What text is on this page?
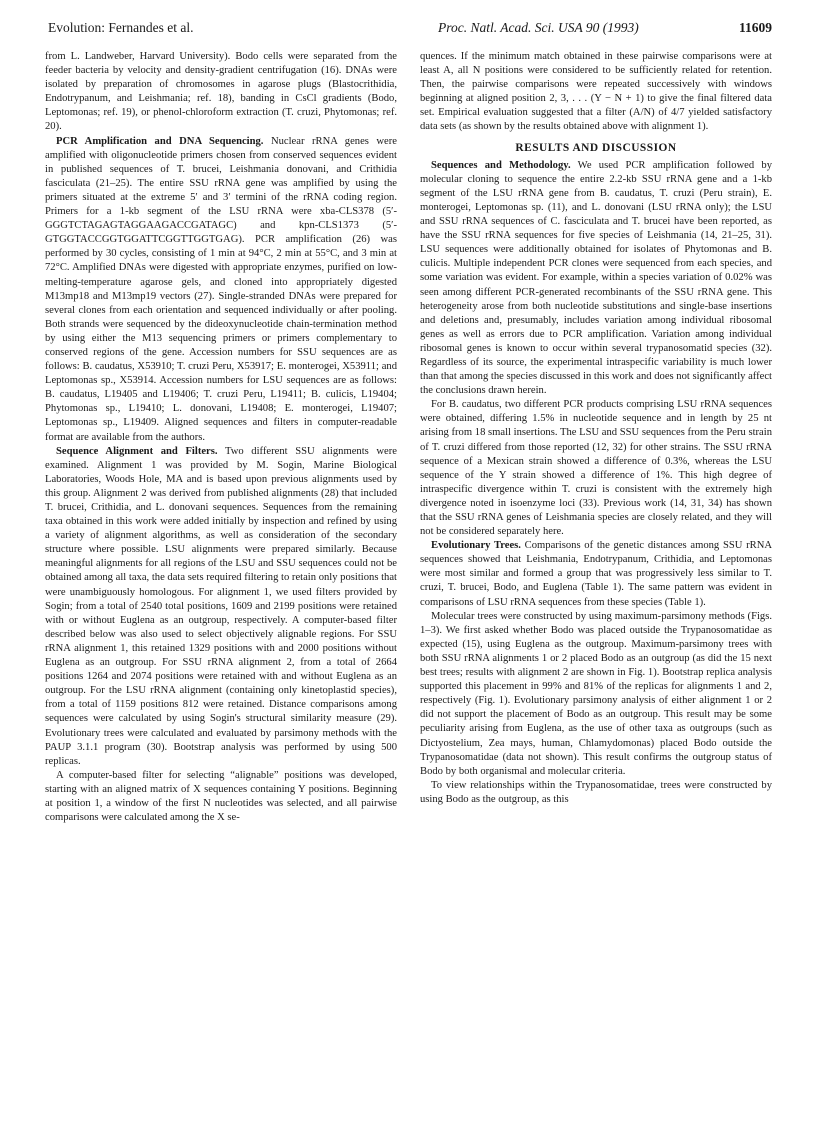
Evolution: Fernandes et al.	Proc. Natl. Acad. Sci. USA 90 (1993)	11609

from L. Landweber, Harvard University). Bodo cells were separated from the feeder bacteria by velocity and density-gradient centrifugation (16). DNAs were isolated by preparation of chromosomes in agarose plugs (Blastocrithidia, Endotrypanum, and Leishmania; ref. 18), banding in CsCl gradients (Bodo, Leptomonas; ref. 19), or phenol-chloroform extraction (T. cruzi, Phytomonas; ref. 20).

PCR Amplification and DNA Sequencing. Nuclear rRNA genes were amplified with oligonucleotide primers chosen from conserved sequences evident in published sequences of T. brucei, Leishmania donovani, and Crithidia fasciculata (21–25). The entire SSU rRNA gene was amplified by using the primers situated at the extreme 5′ and 3′ termini of the rRNA coding region. Primers for a 1-kb segment of the LSU rRNA were xba-CLS378 (5′-GGGTCTAGAGTAGGAAGACCGATAGC) and kpn-CLS1373 (5′-GTGGTACCGGTGGATTCGGTTGGTGAG). PCR amplification (26) was performed by 30 cycles, consisting of 1 min at 94°C, 2 min at 55°C, and 3 min at 72°C. Amplified DNAs were digested with appropriate enzymes, purified on low-melting-temperature agarose gels, and cloned into appropriately digested M13mp18 and M13mp19 vectors (27). Single-stranded DNAs were prepared for several clones from each orientation and sequenced individually or after pooling. Both strands were sequenced by the dideoxynucleotide chain-termination method by using either the M13 sequencing primers or primers complementary to conserved regions of the gene. Accession numbers for SSU sequences are as follows: B. caudatus, X53910; T. cruzi Peru, X53917; E. monterogei, X53911; and Leptomonas sp., X53914. Accession numbers for LSU sequences are as follows: B. caudatus, L19405 and L19406; T. cruzi Peru, L19411; B. culicis, L19404; Phytomonas sp., L19410; L. donovani, L19408; E. monterogei, L19407; Leptomonas sp., L19409. Aligned sequences and filters in computer-readable format are available from the authors.

Sequence Alignment and Filters. Two different SSU alignments were examined. Alignment 1 was provided by M. Sogin, Marine Biological Laboratories, Woods Hole, MA and is based upon previous alignments used by this group. Alignment 2 was derived from published alignments (28) that included T. brucei, Crithidia, and L. donovani sequences. Sequences from the remaining taxa obtained in this work were added initially by inspection and refined by using a variety of alignment algorithms, as well as consideration of the secondary structure where possible. LSU alignments were prepared similarly. Because meaningful alignments for all regions of the LSU and SSU sequences could not be obtained among all taxa, the data sets required filtering to retain only positions that were unambiguously homologous. For alignment 1, we used filters provided by Sogin; from a total of 2540 total positions, 1609 and 2199 positions were retained with or without Euglena as an outgroup, respectively. A computer-based filter described below was also used to select objectively alignable regions. For SSU rRNA alignment 1, this retained 1329 positions with and 2000 positions without Euglena as an outgroup. For SSU rRNA alignment 2, from a total of 2664 positions 1264 and 2074 positions were retained with and without Euglena as an outgroup. For the LSU rRNA alignment (containing only kinetoplastid species), from a total of 1159 positions 812 were retained. Distance comparisons among sequences were calculated by using Sogin's structural similarity measure (29). Evolutionary trees were calculated and evaluated by parsimony methods with the PAUP 3.1.1 program (30). Bootstrap analysis was performed by using 500 replicas.

A computer-based filter for selecting “alignable” positions was developed, starting with an aligned matrix of X sequences containing Y positions. Beginning at position 1, a window of the first N nucleotides was selected, and all pairwise comparisons were calculated among the X se-

quences. If the minimum match obtained in these pairwise comparisons were at least A, all N positions were considered to be sufficiently related for retention. Then, the pairwise comparisons were repeated successively with windows beginning at aligned position 2, 3, . . . (Y − N + 1) to give the final filtered data set. Empirical evaluation suggested that a filter (A/N) of 4/7 yielded satisfactory data sets (as shown by the results obtained above with alignment 1).

RESULTS AND DISCUSSION

Sequences and Methodology. We used PCR amplification followed by molecular cloning to sequence the entire 2.2-kb SSU rRNA gene and a 1-kb segment of the LSU rRNA gene from B. caudatus, T. cruzi (Peru strain), E. monterogei, Leptomonas sp. (11), and L. donovani (LSU rRNA only); the LSU and SSU rRNA sequences of C. fasciculata and T. brucei have been reported, as have the SSU rRNA sequences for five species of Leishmania (14, 21–25, 31). LSU sequences were additionally obtained for isolates of Phytomonas and B. culicis. Multiple independent PCR clones were sequenced from each species, and some variation was evident. For example, within a species variation of 0.02% was seen among different PCR-generated recombinants of the SSU rRNA gene. This heterogeneity arose from both nucleotide substitutions and single-base insertions and deletions and, presumably, includes variation among individual ribosomal genes as well as errors due to PCR amplification. Variation among individual ribosomal genes is known to occur within several trypanosomatid species (32). Regardless of its source, the experimental intraspecific variability is much lower than that among the species discussed in this work and does not significantly affect the conclusions drawn herein.

For B. caudatus, two different PCR products comprising LSU rRNA sequences were obtained, differing 1.5% in nucleotide sequence and in length by 25 nt arising from 18 small insertions. The LSU and SSU sequences from the Peru strain of T. cruzi differed from those reported (12, 32) for other strains. The SSU rRNA sequence of a Mexican strain showed a difference of 0.3%, whereas the LSU sequence of the Y strain showed a difference of 1%. This high degree of intraspecific divergence within T. cruzi is consistent with the extremely high divergence noted in isoenzyme loci (33). Previous work (14, 31, 34) has shown that the SSU rRNA genes of Leishmania species are closely related, and they will not be considered separately here.

Evolutionary Trees. Comparisons of the genetic distances among SSU rRNA sequences showed that Leishmania, Endotrypanum, Crithidia, and Leptomonas were most similar and formed a group that was progressively less similar to T. cruzi, T. brucei, Bodo, and Euglena (Table 1). The same pattern was evident in comparisons of LSU rRNA sequences from these species (Table 1).

Molecular trees were constructed by using maximum-parsimony methods (Figs. 1–3). We first asked whether Bodo was placed outside the Trypanosomatidae as expected (15), using Euglena as the outgroup. Maximum-parsimony trees with both SSU rRNA alignments 1 or 2 placed Bodo as an outgroup (as did the 15 next best trees; results with alignment 2 are shown in Fig. 1). Bootstrap replica analysis supported this placement in 99% and 81% of the replicas for alignments 1 and 2, respectively (Fig. 1). Evolutionary parsimony analysis of either alignment 1 or 2 did not support the placement of Bodo as an outgroup. This result may be some peculiarity arising from Euglena, as the use of other taxa as outgroups (such as Dictyostelium, Zea mays, human, Chlamydomonas) placed Bodo outside the Trypanosomatidae (data not shown). This result confirms the outgroup status of Bodo by both organismal and molecular criteria.

To view relationships within the Trypanosomatidae, trees were constructed by using Bodo as the outgroup, as this
